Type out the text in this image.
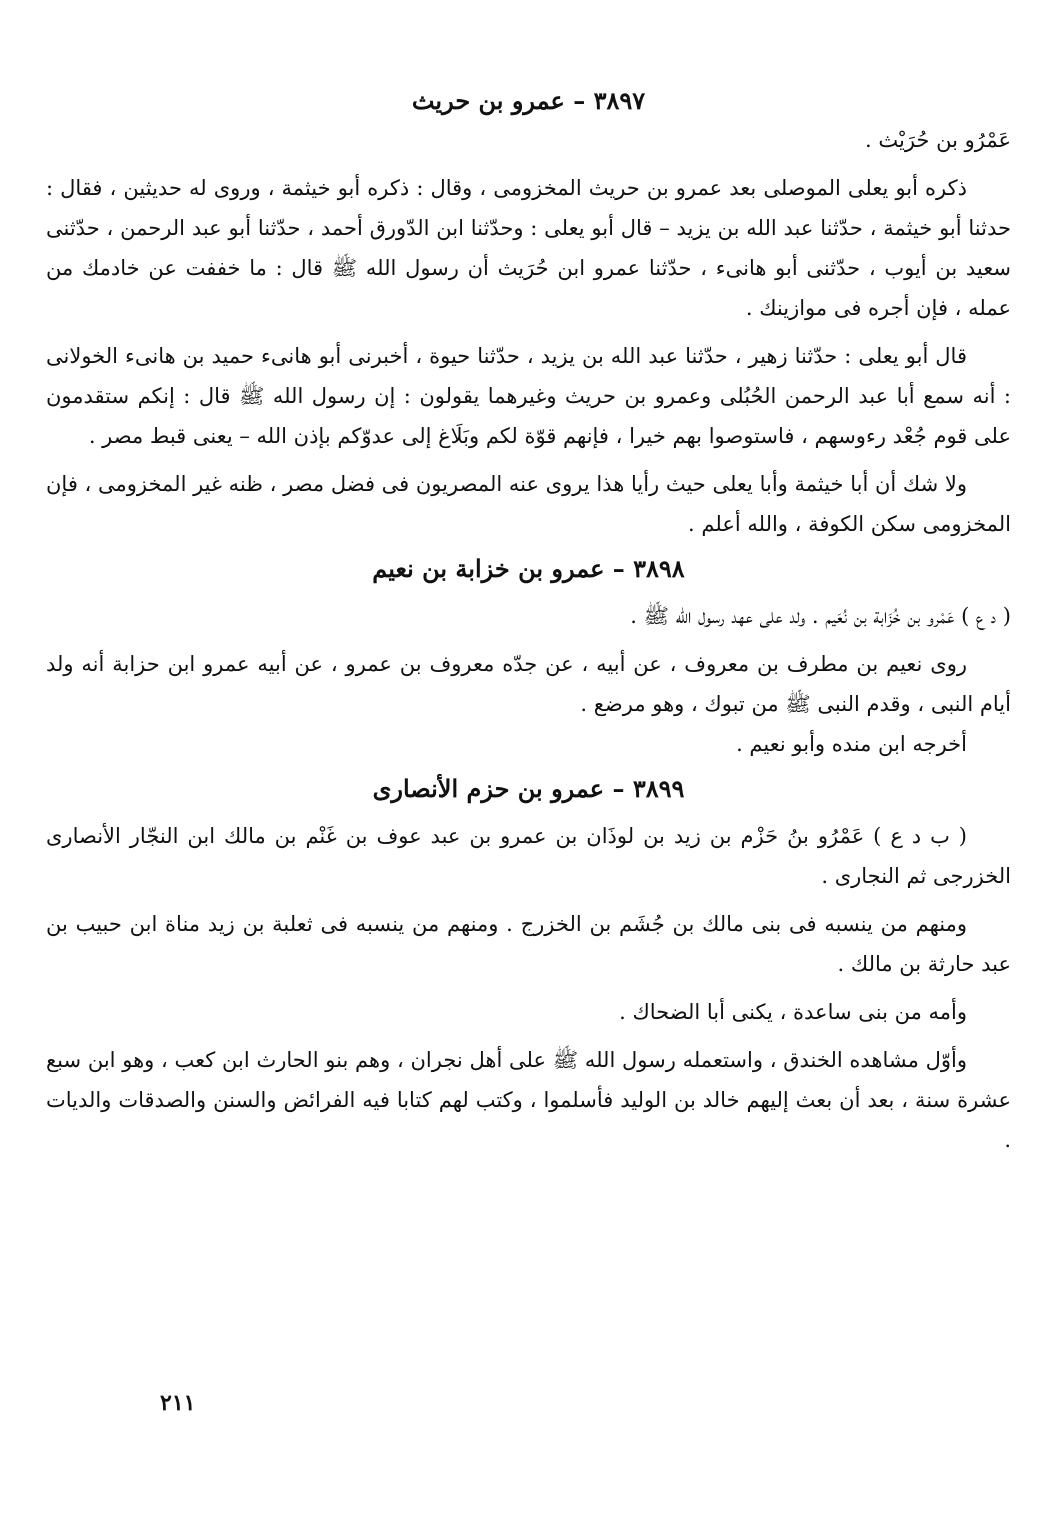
٣٨٩٧ – عمرو بن حريث

عَمْرُو بن حُرَيْث .

ذكره أبو يعلى الموصلى بعد عمرو بن حريث المخزومى ، وقال : ذكره أبو خيثمة ، وروى له حديثين ، فقال : حدثنا أبو خيثمة ، حدّثنا عبد الله بن يزيد – قال أبو يعلى : وحدّثنا ابن الدّورق أحمد ، حدّثنا أبو عبد الرحمن ، حدّثنى سعيد بن أيوب ، حدّثنى أبو هانىء ، حدّثنا عمرو ابن حُرَيث أن رسول الله ﷺ قال : ما خففت عن خادمك من عمله ، فإن أجره فى موازينك .

قال أبو يعلى : حدّثنا زهير ، حدّثنا عبد الله بن يزيد ، حدّثنا حيوة ، أخبرنى أبو هانىء حميد بن هانىء الخولانى : أنه سمع أبا عبد الرحمن الحُبُلى وعمرو بن حريث وغيرهما يقولون : إن رسول الله ﷺ قال : إنكم ستقدمون على قوم جُعْد رءوسهم ، فاستوصوا بهم خيرا ، فإنهم قوّة لكم وبَلَاغ إلى عدوّكم بإذن الله – يعنى قبط مصر .

ولا شك أن أبا خيثمة وأبا يعلى حيث رأيا هذا يروى عنه المصريون فى فضل مصر ، ظنه غير المخزومى ، فإن المخزومى سكن الكوفة ، والله أعلم .

٣٨٩٨ – عمرو بن خزابة بن نعيم

( د ع ) عَمْرو بن خُزَابة بن نُعَيم . ولد على عهد رسول الله ﷺ .

روى نعيم بن مطرف بن معروف ، عن أبيه ، عن جدّه معروف بن عمرو ، عن أبيه عمرو ابن حزابة أنه ولد أيام النبى ، وقدم النبى ﷺ من تبوك ، وهو مرضع .

أخرجه ابن منده وأبو نعيم .

٣٨٩٩ – عمرو بن حزم الأنصارى

( ب د ع ) عَمْرُو بنُ حَزْم بن زيد بن لوذَان بن عمرو بن عبد عوف بن غَنْم بن مالك ابن النجّار الأنصارى الخزرجى ثم النجارى .

ومنهم من ينسبه فى بنى مالك بن جُشَم بن الخزرج . ومنهم من ينسبه فى ثعلبة بن زيد مناة ابن حبيب بن عبد حارثة بن مالك .

وأمه من بنى ساعدة ، يكنى أبا الضحاك .

وأوّل مشاهده الخندق ، واستعمله رسول الله ﷺ على أهل نجران ، وهم بنو الحارث ابن كعب ، وهو ابن سبع عشرة سنة ، بعد أن بعث إليهم خالد بن الوليد فأسلموا ، وكتب لهم كتابا فيه الفرائض والسنن والصدقات والديات .

٢١١
